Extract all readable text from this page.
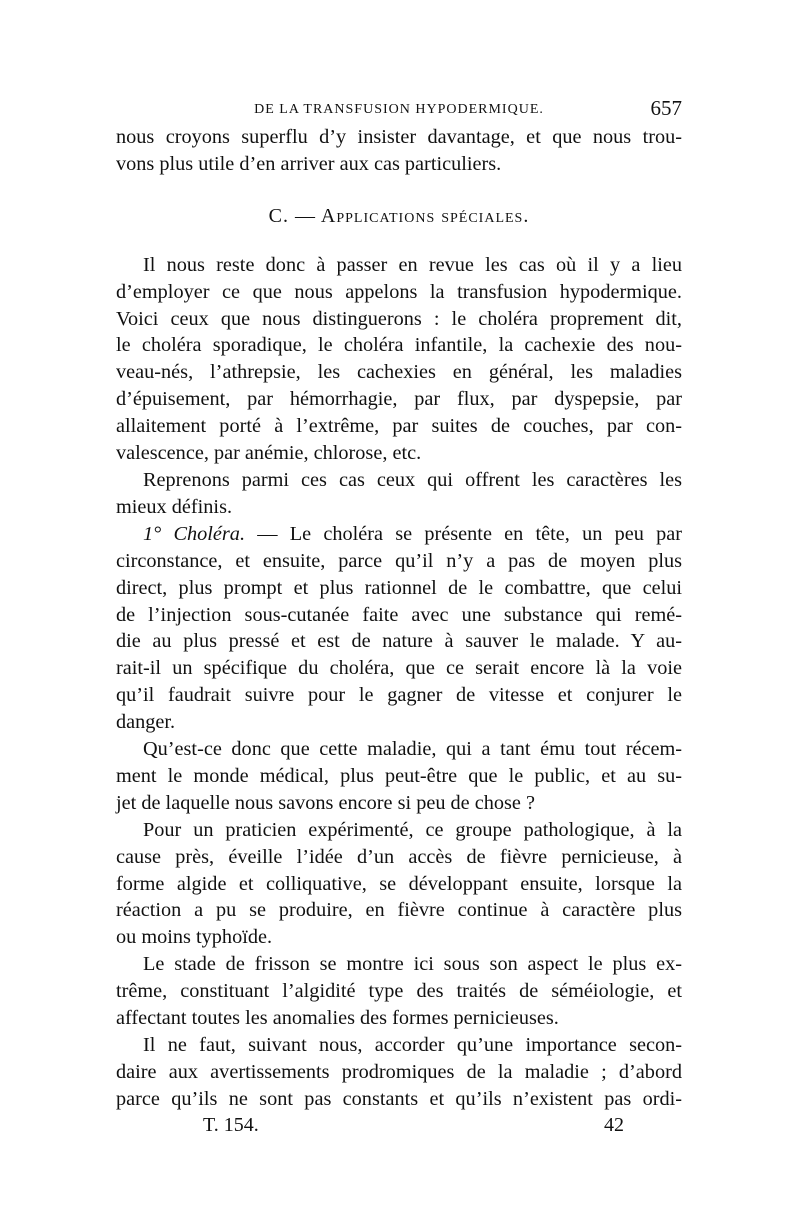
DE LA TRANSFUSION HYPODERMIQUE.	657
nous croyons superflu d’y insister davantage, et que nous trou-
vons plus utile d’en arriver aux cas particuliers.
C. — Applications spéciales.
Il nous reste donc à passer en revue les cas où il y a lieu
d’employer ce que nous appelons la transfusion hypodermique.
Voici ceux que nous distinguerons : le choléra proprement dit,
le choléra sporadique, le choléra infantile, la cachexie des nou-
veau-nés, l’athrepsie, les cachexies en général, les maladies
d’épuisement, par hémorrhagie, par flux, par dyspepsie, par
allaitement porté à l’extrême, par suites de couches, par con-
valescence, par anémie, chlorose, etc.
Reprenons parmi ces cas ceux qui offrent les caractères les
mieux définis.
1° Choléra. — Le choléra se présente en tête, un peu par
circonstance, et ensuite, parce qu’il n’y a pas de moyen plus
direct, plus prompt et plus rationnel de le combattre, que celui
de l’injection sous-cutanée faite avec une substance qui remé-
die au plus pressé et est de nature à sauver le malade. Y au-
rait-il un spécifique du choléra, que ce serait encore là la voie
qu’il faudrait suivre pour le gagner de vitesse et conjurer le
danger.
Qu’est-ce donc que cette maladie, qui a tant ému tout récem-
ment le monde médical, plus peut-être que le public, et au su-
jet de laquelle nous savons encore si peu de chose ?
Pour un praticien expérimenté, ce groupe pathologique, à la
cause près, éveille l’idée d’un accès de fièvre pernicieuse, à
forme algide et colliquative, se développant ensuite, lorsque la
réaction a pu se produire, en fièvre continue à caractère plus
ou moins typhoïde.
Le stade de frisson se montre ici sous son aspect le plus ex-
trême, constituant l’algidité type des traités de séméiologie, et
affectant toutes les anomalies des formes pernicieuses.
Il ne faut, suivant nous, accorder qu’une importance secon-
daire aux avertissements prodromiques de la maladie ; d’abord
parce qu’ils ne sont pas constants et qu’ils n’existent pas ordi-
T. 154.	42
